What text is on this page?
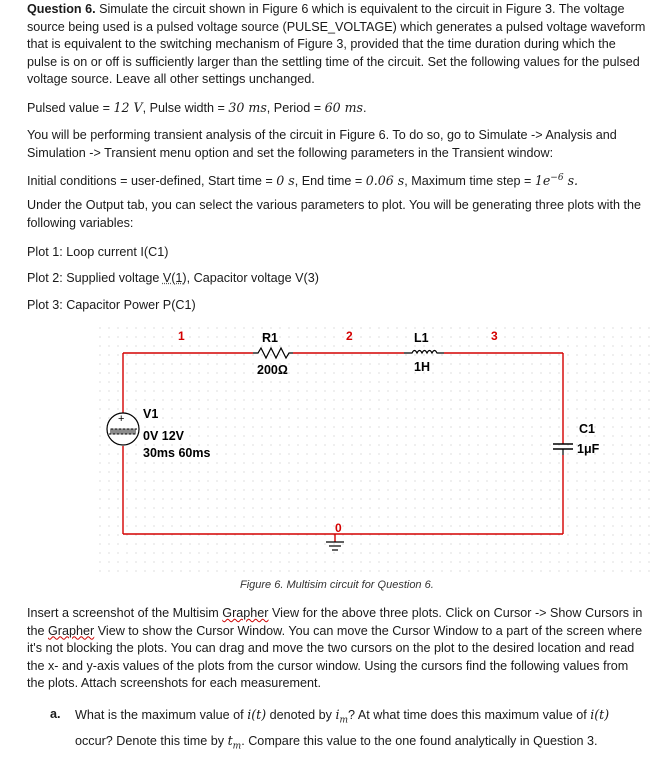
Question 6. Simulate the circuit shown in Figure 6 which is equivalent to the circuit in Figure 3. The voltage source being used is a pulsed voltage source (PULSE_VOLTAGE) which generates a pulsed voltage waveform that is equivalent to the switching mechanism of Figure 3, provided that the time duration during which the pulse is on or off is sufficiently larger than the settling time of the circuit. Set the following values for the pulsed voltage source. Leave all other settings unchanged.

Pulsed value = 12 V, Pulse width = 30 ms, Period = 60 ms.

You will be performing transient analysis of the circuit in Figure 6. To do so, go to Simulate -> Analysis and Simulation -> Transient menu option and set the following parameters in the Transient window:

Initial conditions = user-defined, Start time = 0 s, End time = 0.06 s, Maximum time step = $1e^{-6}$ s.

Under the Output tab, you can select the various parameters to plot. You will be generating three plots with the following variables:

Plot 1: Loop current I(C1)

Plot 2: Supplied voltage V(1), Capacitor voltage V(3)

Plot 3: Capacitor Power P(C1)

+
1	2	3
0
R1
200Ω
L1
1H
V1
0V 12V
30ms 60ms
C1
1μF
Figure 6. Multisim circuit for Question 6.

Insert a screenshot of the Multisim Grapher View for the above three plots. Click on Cursor -> Show Cursors in the Grapher View to show the Cursor Window. You can move the Cursor Window to a part of the screen where it's not blocking the plots. You can drag and move the two cursors on the plot to the desired location and read the x- and y-axis values of the plots from the cursor window. Using the cursors find the following values from the plots. Attach screenshots for each measurement.

a. What is the maximum value of i(t) denoted by $i_m$? At what time does this maximum value of i(t) occur? Denote this time by $t_m$. Compare this value to the one found analytically in Question 3.
